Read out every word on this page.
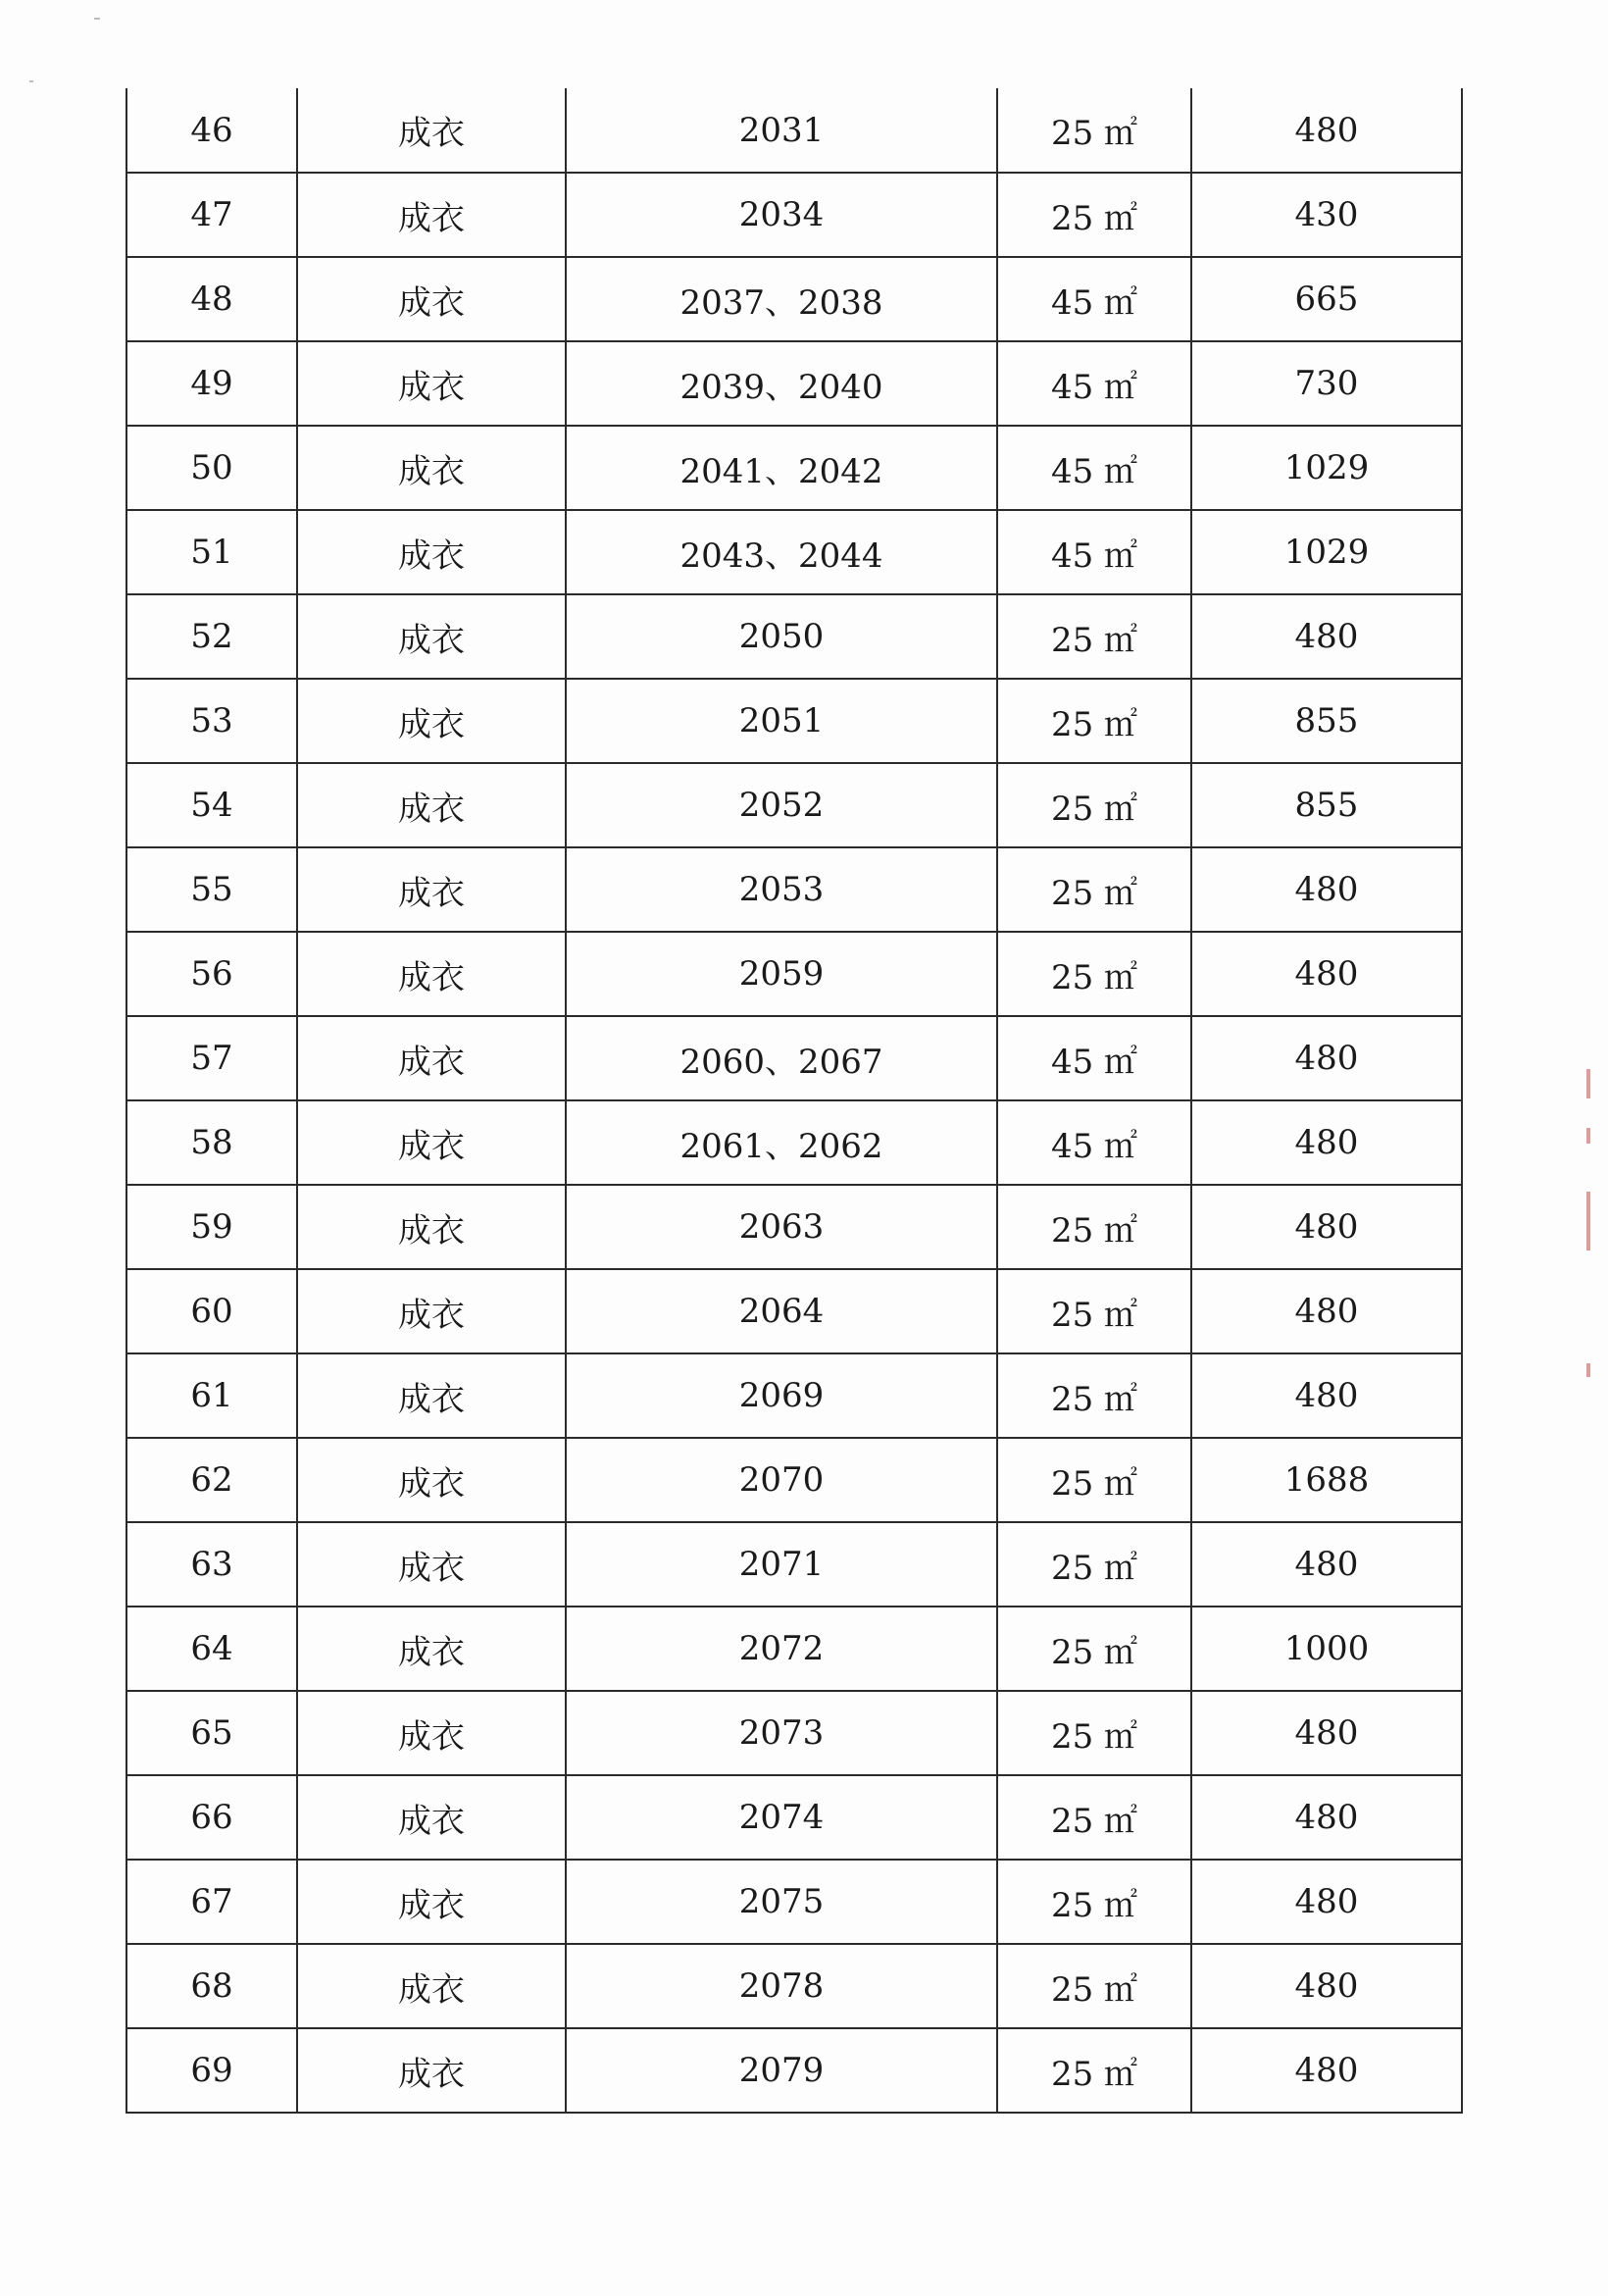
46	成衣	2031	25 ㎡	480
47	成衣	2034	25 ㎡	430
48	成衣	2037、2038	45 ㎡	665
49	成衣	2039、2040	45 ㎡	730
50	成衣	2041、2042	45 ㎡	1029
51	成衣	2043、2044	45 ㎡	1029
52	成衣	2050	25 ㎡	480
53	成衣	2051	25 ㎡	855
54	成衣	2052	25 ㎡	855
55	成衣	2053	25 ㎡	480
56	成衣	2059	25 ㎡	480
57	成衣	2060、2067	45 ㎡	480
58	成衣	2061、2062	45 ㎡	480
59	成衣	2063	25 ㎡	480
60	成衣	2064	25 ㎡	480
61	成衣	2069	25 ㎡	480
62	成衣	2070	25 ㎡	1688
63	成衣	2071	25 ㎡	480
64	成衣	2072	25 ㎡	1000
65	成衣	2073	25 ㎡	480
66	成衣	2074	25 ㎡	480
67	成衣	2075	25 ㎡	480
68	成衣	2078	25 ㎡	480
69	成衣	2079	25 ㎡	480
